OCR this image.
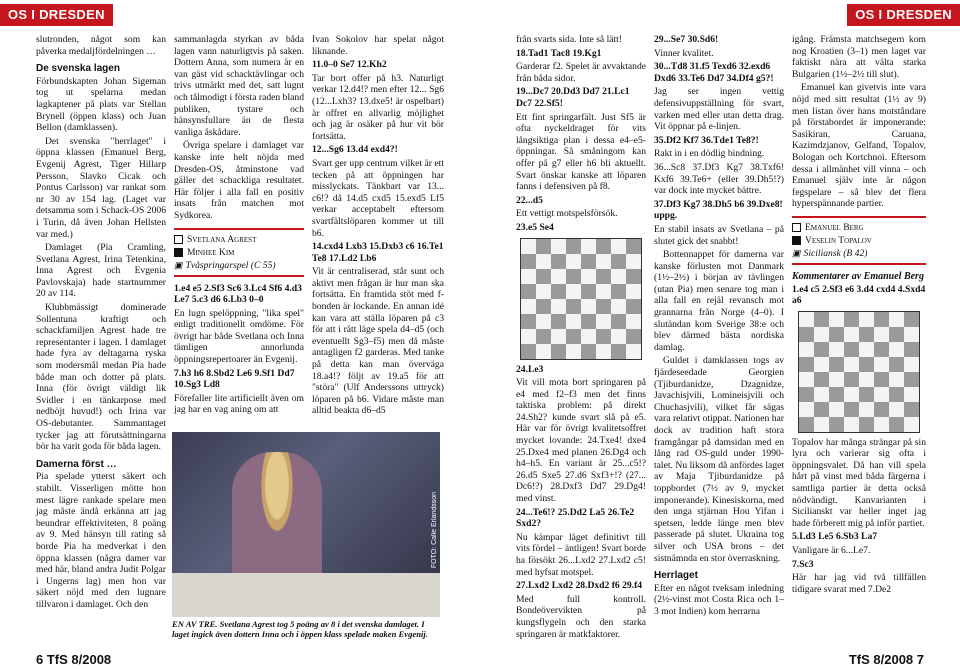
OS I DRESDEN

slutronden, något som kan påverka medaljfördelningen …

De svenska lagen

Förbundskapten Johan Sigeman tog ut spelarna medan lagkaptener på plats var Stellan Brynell (öppen klass) och Juan Bellon (damklassen).

Det svenska "herrlaget" i öppna klassen (Emanuel Berg, Evgenij Agrest, Tiger Hillarp Persson, Slavko Cicak och Pontus Carlsson) var rankat som nr 30 av 154 lag. (Laget var detsamma som i Schack-OS 2006 i Turin, då även Johan Hellsten var med.)

Damlaget (Pia Cramling, Svetlana Agrest, Irina Tetenkina, Inna Agrest och Evgenia Pavlovskaja) hade startnummer 20 av 114.

Klubbmässigt dominerade Sollentuna kraftigt och schackfamiljen Agrest hade tre representanter i lagen. I damlaget hade fyra av deltagarna ryska som modersmål medan Pia hade både man och dotter på plats. Inna (för övrigt väldigt lik Svidler i en tänkarpose med nedböjt huvud!) och Irina var OS-debutanter. Sammantaget tycker jag att förutsättningarna bör ha varit goda för båda lagen.

Damerna först …

Pia spelade ytterst säkert och stabilt. Visserligen mötte hon mest lägre rankade spelare men jag måste ändå erkänna att jag beundrar effektiviteten, 8 poäng av 9. Med hänsyn till rating så borde Pia ha medverkat i den öppna klassen (några damer var med här, bland andra Judit Polgar i Ungerns lag) men hon var säkert nöjd med den lugnare tillvaron i damlaget. Och den

sammanlagda styrkan av båda lagen vann naturligtvis på saken. Dottern Anna, som numera är en van gäst vid schacktävlingar och trivs utmärkt med det, satt lugnt och tålmodigt i första raden bland publiken, tystare och hänsynsfullare än de flesta vanliga åskådare.

Övriga spelare i damlaget var kanske inte helt nöjda med Dresden-OS, åtminstone vad gäller det schackliga resultatet. Här följer i alla fall en positiv insats från matchen mot Sydkorea.

Svetlana Agrest
Minhee Kim
▣ Tvåspringarspel (C 55)

1.e4 e5 2.Sf3 Sc6 3.Lc4 Sf6 4.d3 Le7 5.c3 d6 6.Lb3 0–0

En lugn spelöppning, "lika spel" enligt traditionellt omdöme. För övrigt har både Svetlana och Inna tämligen annorlunda öppningsrepertoarer än Evgenij.

7.h3 h6 8.Sbd2 Le6 9.Sf1 Dd7 10.Sg3 Ld8

Förefaller lite artificiellt även om jag har en vag aning om att

Ivan Sokolov har spelat något liknande.

11.0–0 Se7 12.Kh2

Tar bort offer på h3. Naturligt verkar 12.d4!? men efter 12... Sg6 (12...Lxh3? 13.dxe5! är ospelbart) är offret en allvarlig möjlighet och jag är osäker på hur vit bör fortsätta.

12...Sg6 13.d4 exd4?!

Svart ger upp centrum vilket är ett tecken på att öppningen har misslyckats. Tänkbart var 13... c6!? då 14.d5 cxd5 15.exd5 Lf5 verkar acceptabelt eftersom svartfältslöparen kommer ut till b6.

14.cxd4 Lxb3 15.Dxb3 c6 16.Te1 Te8 17.Ld2 Lb6

Vit är centraliserad, står sunt och aktivt men frågan är hur man ska fortsätta. En framtida stöt med f-bonden är lockande. En annan idé kan vara att ställa löparen på c3 för att i rätt läge spela d4–d5 (och eventuellt Sg3–f5) men då måste antagligen f2 garderas. Med tanke på detta kan man överväga 18.a4!? följt av 19.a5 för att "störa" (Ulf Anderssons uttryck) löparen på b6. Vidare måste man alltid beakta d6–d5

FOTO: Calle Erlandsson
EN AV TRE. Svetlana Agrest tog 5 poäng av 8 i det svenska damlaget. I laget ingick även dottern Inna och i öppen klass spelade maken Evgenij.
6 TfS 8/2008
OS I DRESDEN

från svarts sida. Inte så lätt!

18.Tad1 Tac8 19.Kg1

Garderar f2. Spelet är avvaktande från båda sidor.

19...Dc7 20.Dd3 Dd7 21.Lc1 Dc7 22.Sf5!

Ett fint springarfält. Just Sf5 är ofta nyckeldraget för vits långsiktiga plan i dessa e4–e5-öppningar. Så småningom kan offer på g7 eller h6 bli aktuellt. Svart önskar kanske att löparen fanns i defensiven på f8.

22...d5

Ett vettigt motspelsförsök.

23.e5 Se4

24.Le3

Vit vill mota bort springaren på e4 med f2–f3 men det finns taktiska problem: på direkt 24.Sh2? kunde svart slå på e5. Här var för övrigt kvalitetsoffret mycket lovande: 24.Txe4! dxe4 25.Dxe4 med planen 26.Dg4 och h4–h5. En variant är 25...c5!? 26.d5 Sxe5 27.d6 Sxf3+!? (27... Dc6!?) 28.Dxf3 Dd7 29.Dg4! med vinst.

24...Te6!? 25.Dd2 La5 26.Te2 Sxd2?

Nu kämpar läget definitivt till vits fördel – äntligen! Svart borde ha försökt 26...Lxd2 27.Lxd2 c5! med hyfsat motspel.

27.Lxd2 Lxd2 28.Dxd2 f6 29.f4

Med full kontroll. Bondeövervikten på kungsflygeln och den starka springaren är matkfaktorer.

29...Se7 30.Sd6!

Vinner kvalitet.

30...Td8 31.f5 Texd6 32.exd6 Dxd6 33.Te6 Dd7 34.Df4 g5?!

Jag ser ingen vettig defensivuppställning för svart, varken med eller utan detta drag. Vit öppnar på e-linjen.

35.Df2 Kf7 36.Tde1 Te8?!

Rakt in i en dödlig bindning.

36...Sc8 37.Df3 Kg7 38.Txf6! Kxf6 39.Te6+ (eller 39.Dh5!?) var dock inte mycket bättre.

37.Df3 Kg7 38.Dh5 b6 39.Dxe8! uppg.

En stabil insats av Svetlana – på slutet gick det snabbt!

Bottennappet för damerna var kanske förlusten mot Danmark (1½–2½) i början av tävlingen (utan Pia) men senare tog man i alla fall en rejäl revansch mot grannarna från Norge (4–0). I slutändan kom Sverige 38:e och blev därmed bästa nordiska damlag.

Guldet i damklassen togs av fjärdeseedade Georgien (Tjiburdanidze, Dzagnidze, Javachisjvili, Lomineisjvili och Chuchasjvili), vilket får sägas vara relativt otippat. Nationen har dock av tradition haft stora framgångar på damsidan med en lång rad OS-guld under 1990-talet. Nu liksom då anfördes laget av Maja Tjiburdanidze på toppbordet (7½ av 9, mycket imponerande). Kinesiskorna, med den unga stjärnan Hou Yifan i spetsen, ledde länge men blev passerade på slutet. Ukraina tog silver och USA brons – det sistnämnda en stor överraskning.

Herrlaget

Efter en något tveksam inledning (2½-vinst mot Costa Rica och 1–3 mot Indien) kom herrarna

igång. Främsta matchsegern kom nog Kroatien (3–1) men laget var faktiskt nära att välta starka Bulgarien (1½–2½ till slut).

Emanuel kan givetvis inte vara nöjd med sitt resultat (1½ av 9) men listan över hans motståndare på förstabordet är imponerande: Sasikiran, Caruana, Kazimdzjanov, Gelfand, Topalov, Bologan och Kortchnoi. Eftersom dessa i allmänhet vill vinna – och Emanuel själv inte är någon fegspelare – så blev det flera hyperspännande partier.

Emanuel Berg
Veselin Topalov
▣ Siciliansk (B 42)
Kommentarer av Emanuel Berg

1.e4 c5 2.Sf3 e6 3.d4 cxd4 4.Sxd4 a6

Topalov har många strängar på sin lyra och varierar sig ofta i öppningsvalet. Då han vill spela hårt på vinst med båda färgerna i samtliga partier är detta också nödvändigt. Kanvarianten i Sicilianskt var heller inget jag hade förberett mig på inför partiet.

5.Ld3 Le5 6.Sb3 La7

Vanligare är 6...Le7.

7.Sc3

Här har jag vid två tillfällen tidigare svarat med 7.De2

TfS 8/2008 7
